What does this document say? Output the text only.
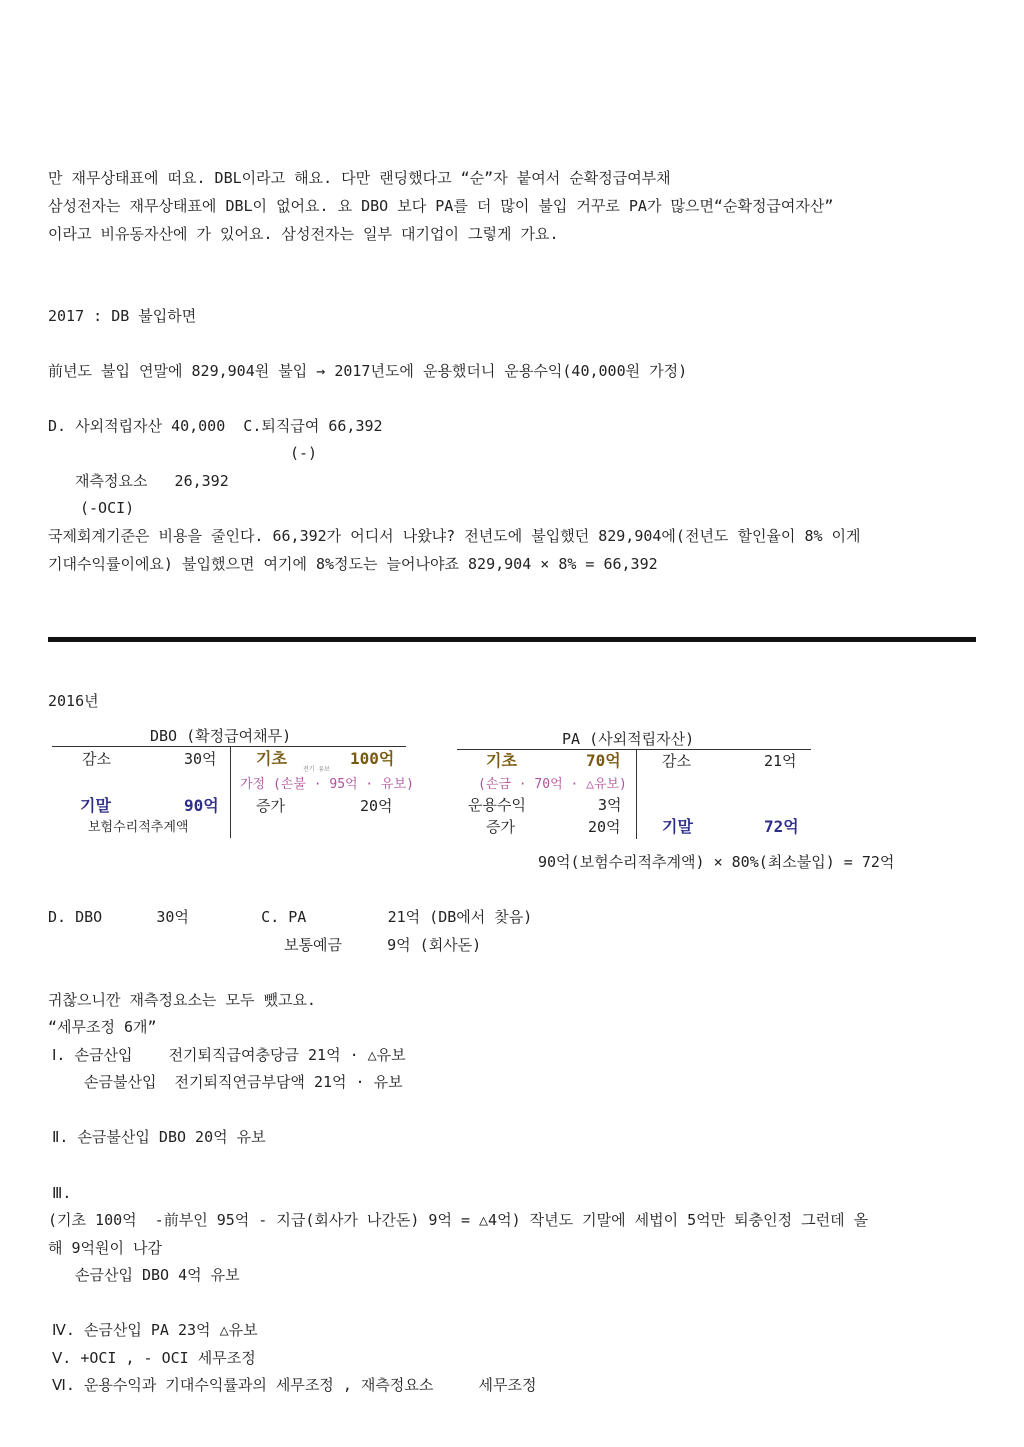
만 재무상태표에 떠요. DBL이라고 해요. 다만 랜딩했다고 “순”자 붙여서 순확정급여부채
삼성전자는 재무상태표에 DBL이 없어요. 요 DBO 보다 PA를 더 많이 불입 거꾸로 PA가 많으면“순확정급여자산”
이라고 비유동자산에 가 있어요. 삼성전자는 일부 대기업이 그렇게 가요.
2017 : DB 불입하면
前년도 불입 연말에 829,904원 불입 → 2017년도에 운용했더니 운용수익(40,000원 가정)
D. 사외적립자산 40,000  C.퇴직급여 66,392
(-)
재측정요소   26,392
(-OCI)
국제회계기준은 비용을 줄인다. 66,392가 어디서 나왔냐? 전년도에 불입했던 829,904에(전년도 할인율이 8% 이게
기대수익률이에요) 불입했으면 여기에 8%정도는 늘어나야죠 829,904 × 8% = 66,392
2016년
DBO (확정급여채무)
감소	30억 기초	100억
전기 유보
가정 (손불 · 95억 · 유보)
기말	90억 증가	20억
보험수리적추계액
PA (사외적립자산)
기초	70억	감소	21억
(손금 · 70억 · △유보)
운용수익	3억
증가	20억	기말	72억
90억(보험수리적추계액) × 80%(최소불입) = 72억
D. DBO      30억        C. PA         21억 (DB에서 찾음)
보통예금     9억 (회사돈)
귀찮으니깐 재측정요소는 모두 뺐고요.
“세무조정 6개”
Ⅰ. 손금산입    전기퇴직급여충당금 21억 · △유보
손금불산입  전기퇴직연금부담액 21억 · 유보
Ⅱ. 손금불산입 DBO 20억 유보
Ⅲ.
(기초 100억  -前부인 95억 - 지급(회사가 나간돈) 9억 = △4억) 작년도 기말에 세법이 5억만 퇴충인정 그런데 올
해 9억원이 나감
손금산입 DBO 4억 유보
Ⅳ. 손금산입 PA 23억 △유보
Ⅴ. +OCI , - OCI 세무조정
Ⅵ. 운용수익과 기대수익률과의 세무조정 , 재측정요소     세무조정
